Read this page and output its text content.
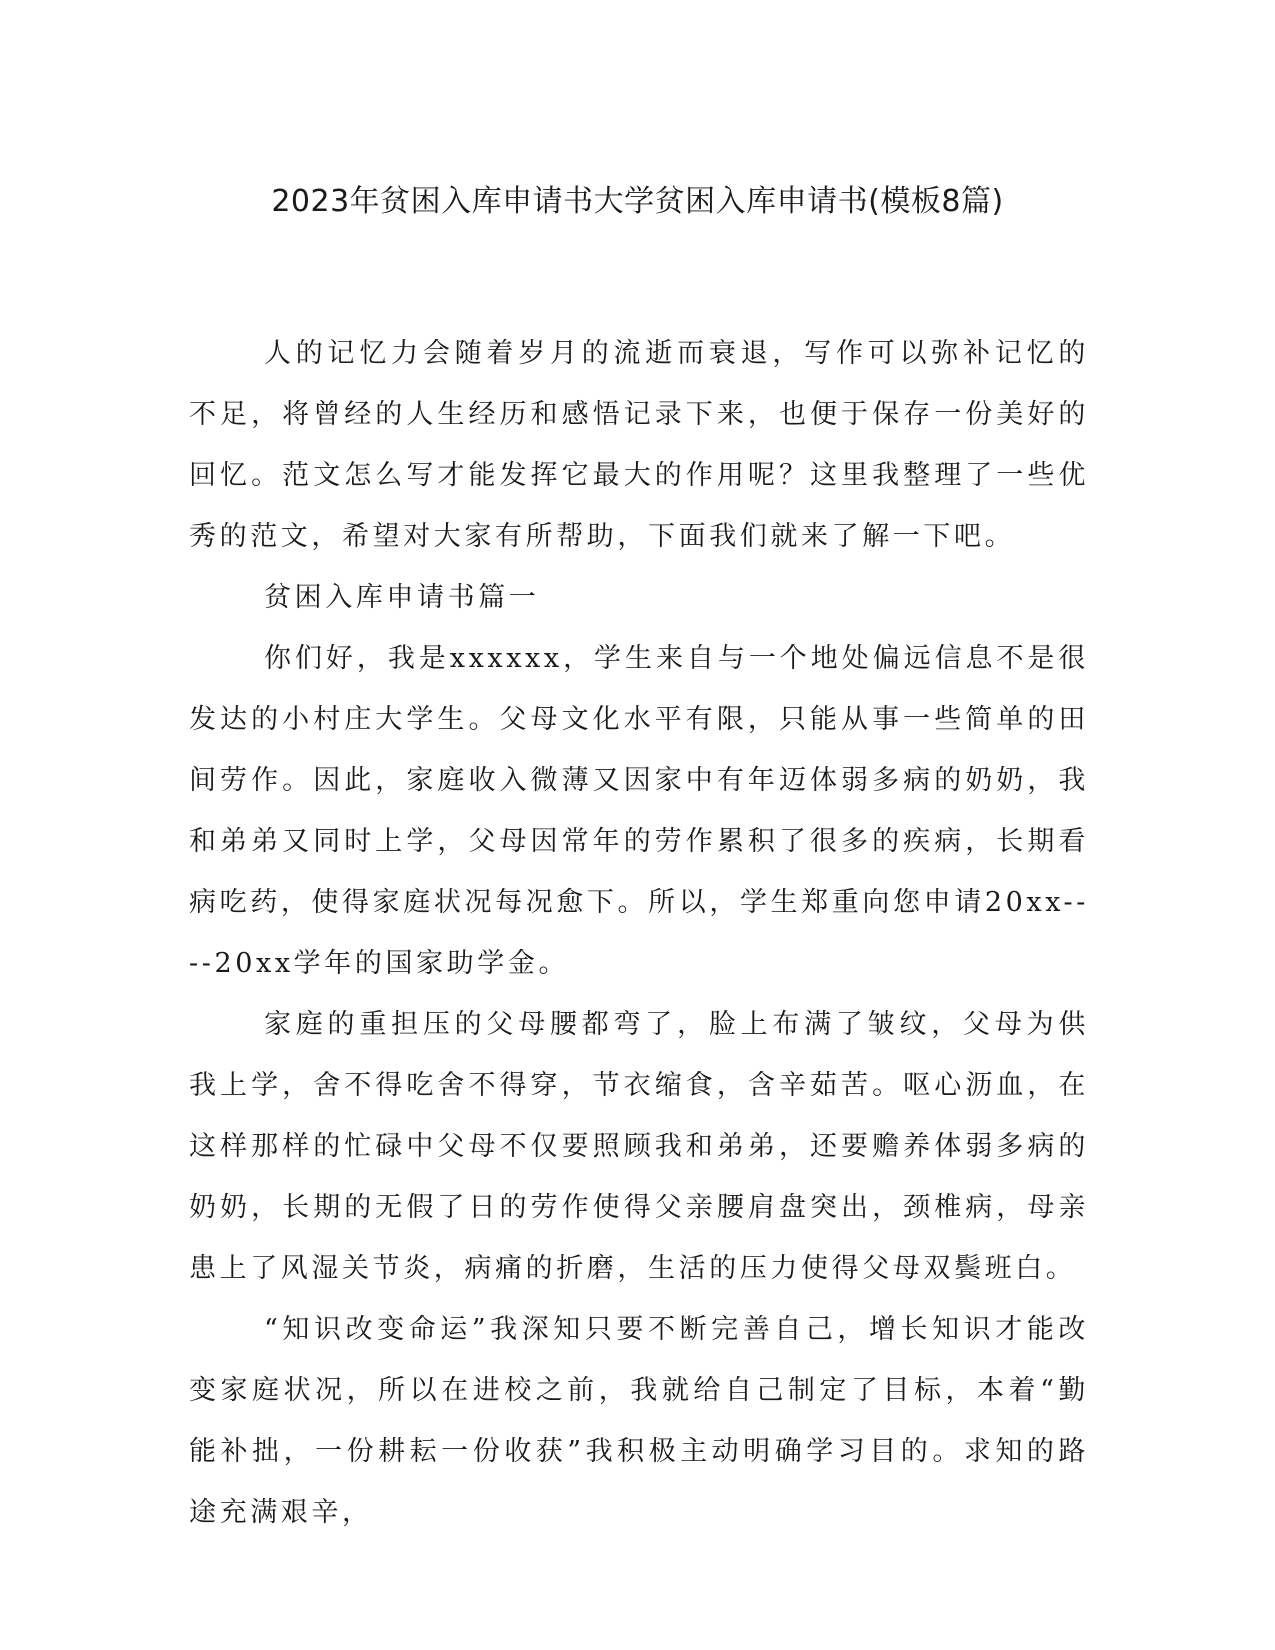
2023年贫困入库申请书大学贫困入库申请书(模板8篇)

人的记忆力会随着岁月的流逝而衰退，写作可以弥补记忆的不足，将曾经的人生经历和感悟记录下来，也便于保存一份美好的回忆。范文怎么写才能发挥它最大的作用呢？这里我整理了一些优秀的范文，希望对大家有所帮助，下面我们就来了解一下吧。

贫困入库申请书篇一

你们好，我是xxxxxx，学生来自与一个地处偏远信息不是很发达的小村庄大学生。父母文化水平有限，只能从事一些简单的田间劳作。因此，家庭收入微薄又因家中有年迈体弱多病的奶奶，我和弟弟又同时上学，父母因常年的劳作累积了很多的疾病，长期看病吃药，使得家庭状况每况愈下。所以，学生郑重向您申请20xx----20xx学年的国家助学金。

家庭的重担压的父母腰都弯了，脸上布满了皱纹，父母为供我上学，舍不得吃舍不得穿，节衣缩食，含辛茹苦。呕心沥血，在这样那样的忙碌中父母不仅要照顾我和弟弟，还要赡养体弱多病的奶奶，长期的无假了日的劳作使得父亲腰肩盘突出，颈椎病，母亲患上了风湿关节炎，病痛的折磨，生活的压力使得父母双鬓班白。

“知识改变命运”我深知只要不断完善自己，增长知识才能改变家庭状况，所以在进校之前，我就给自己制定了目标，本着“勤能补拙，一份耕耘一份收获”我积极主动明确学习目的。求知的路途充满艰辛，
